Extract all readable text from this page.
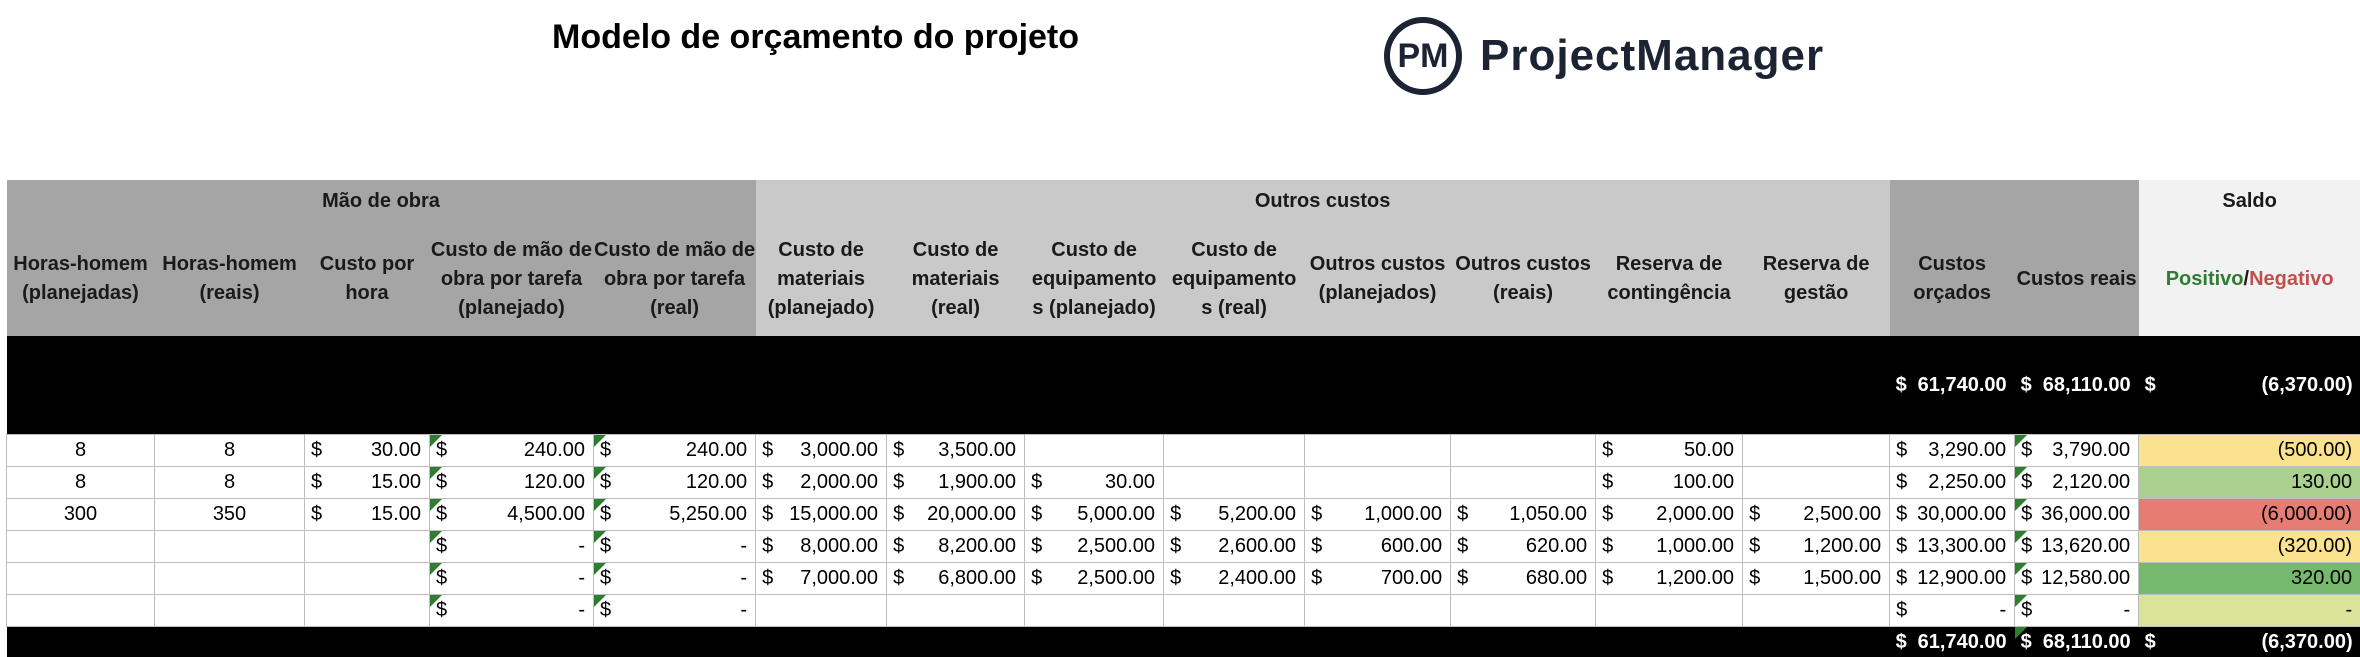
Modelo de orçamento do projeto	PM ProjectManager
Mão de obra					Outros custos										Saldo
Horas-homem (planejadas)	Horas-homem (reais)	Custo por hora	Custo de mão de obra por tarefa (planejado)	Custo de mão de obra por tarefa (real)	Custo de materiais (planejado)	Custo de materiais (real)	Custo de equipamento s (planejado)	Custo de equipamento s (real)	Outros custos (planejados)	Outros custos (reais)	Reserva de contingência	Reserva de gestão	Custos orçados	Custos reais	Positivo/Negativo

													$ 61,740.00	$ 68,110.00	$ (6,370.00)

8	8	$ 30.00	$ 240.00	$ 240.00	$ 3,000.00	$ 3,500.00					$ 50.00		$ 3,290.00	$ 3,790.00	(500.00)
8	8	$ 15.00	$ 120.00	$ 120.00	$ 2,000.00	$ 1,900.00	$ 30.00				$ 100.00		$ 2,250.00	$ 2,120.00	130.00
300	350	$ 15.00	$ 4,500.00	$ 5,250.00	$ 15,000.00	$ 20,000.00	$ 5,000.00	$ 5,200.00	$ 1,000.00	$ 1,050.00	$ 2,000.00	$ 2,500.00	$ 30,000.00	$ 36,000.00	(6,000.00)

			$ -	$ -	$ 8,000.00	$ 8,200.00	$ 2,500.00	$ 2,600.00	$ 600.00	$ 620.00	$ 1,000.00	$ 1,200.00	$ 13,300.00	$ 13,620.00	(320.00)

			$ -	$ -	$ 7,000.00	$ 6,800.00	$ 2,500.00	$ 2,400.00	$ 700.00	$ 680.00	$ 1,200.00	$ 1,500.00	$ 12,900.00	$ 12,580.00	320.00

			$ -	$ -									$ -	$ -	-

													$ 61,740.00	$ 68,110.00	$ (6,370.00)
